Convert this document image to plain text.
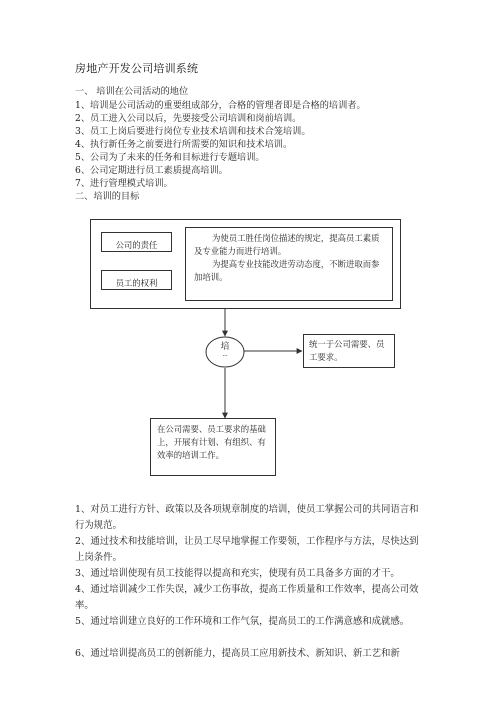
房地产开发公司培训系统
一、 培训在公司活动的地位
1、培训是公司活动的重要组成部分，合格的管理者即是合格的培训者。
2、员工进入公司以后，先要接受公司培训和岗前培训。
3、员工上岗后要进行岗位专业技术培训和技术合笼培训。
4、执行新任务之前要进行所需要的知识和技术培训。
5、公司为了未来的任务和目标进行专题培训。
6、公司定期进行员工素质提高培训。
7、进行管理模式培训。
二、培训的目标
公司的责任
员工的权利
为使员工胜任岗位描述的规定，提高员工素质及专业能力而进行培训。
为提高专业技能改进劳动态度，不断进取而参加培训。
培
··
统一于公司需要、员工要求。
在公司需要、员工要求的基础上，开展有计划、有组织、有效率的培训工作。
1、对员工进行方针、政策以及各项规章制度的培训，使员工掌握公司的共同语言和行为规范。
2、通过技术和技能培训，让员工尽早地掌握工作要领，工作程序与方法，尽快达到上岗条件。
3、通过培训使现有员工技能得以提高和充实，使现有员工具备多方面的才干。
4、通过培训减少工作失误，减少工伤事故，提高工作质量和工作效率，提高公司效率。
5、通过培训建立良好的工作环境和工作气氛，提高员工的工作满意感和成就感。
6、通过培训提高员工的创新能力，提高员工应用新技术、新知识、新工艺和新
